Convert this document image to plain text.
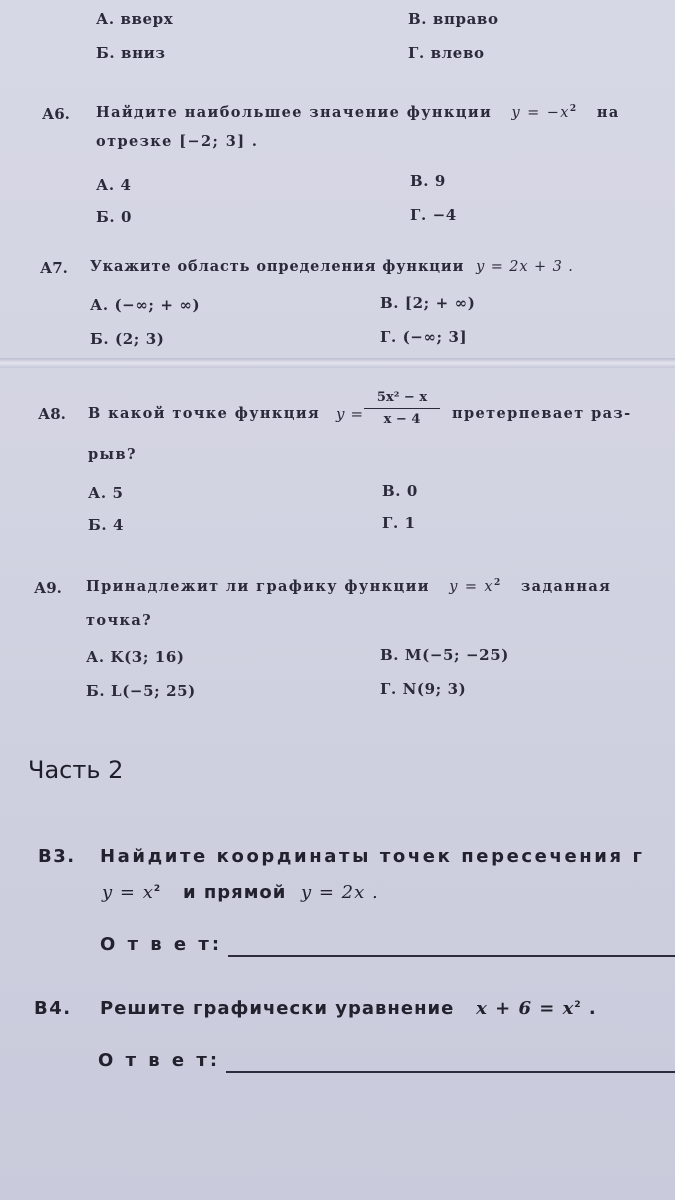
А. вверх
Б. вниз
В. вправо
Г. влево
А6. Найдите наибольшее значение функции $y = -x^2$ на
отрезке [−2; 3] .
А. 4
Б. 0
В. 9
Г. −4
А7. Укажите область определения функции y = 2x + 3 .
А. (−∞; + ∞)
Б. (2; 3)
В. [2; + ∞)
Г. (−∞; 3]
А8. В какой точке функция y =
5x² − x
x − 4	претерпевает раз-
рыв?
А. 5
Б. 4
В. 0
Г. 1
А9. Принадлежит ли графику функции $y = x^2$ заданная
точка?
А. K(3; 16)
Б. L(−5; 25)
В. M(−5; −25)
Г. N(9; 3)
Часть 2
В3. Найдите координаты точек пересечения г
$y = x^2$ и прямой y = 2x .
О т в е т:
В4. Решите графически уравнение $x + 6 = x^2$ .
О т в е т:
